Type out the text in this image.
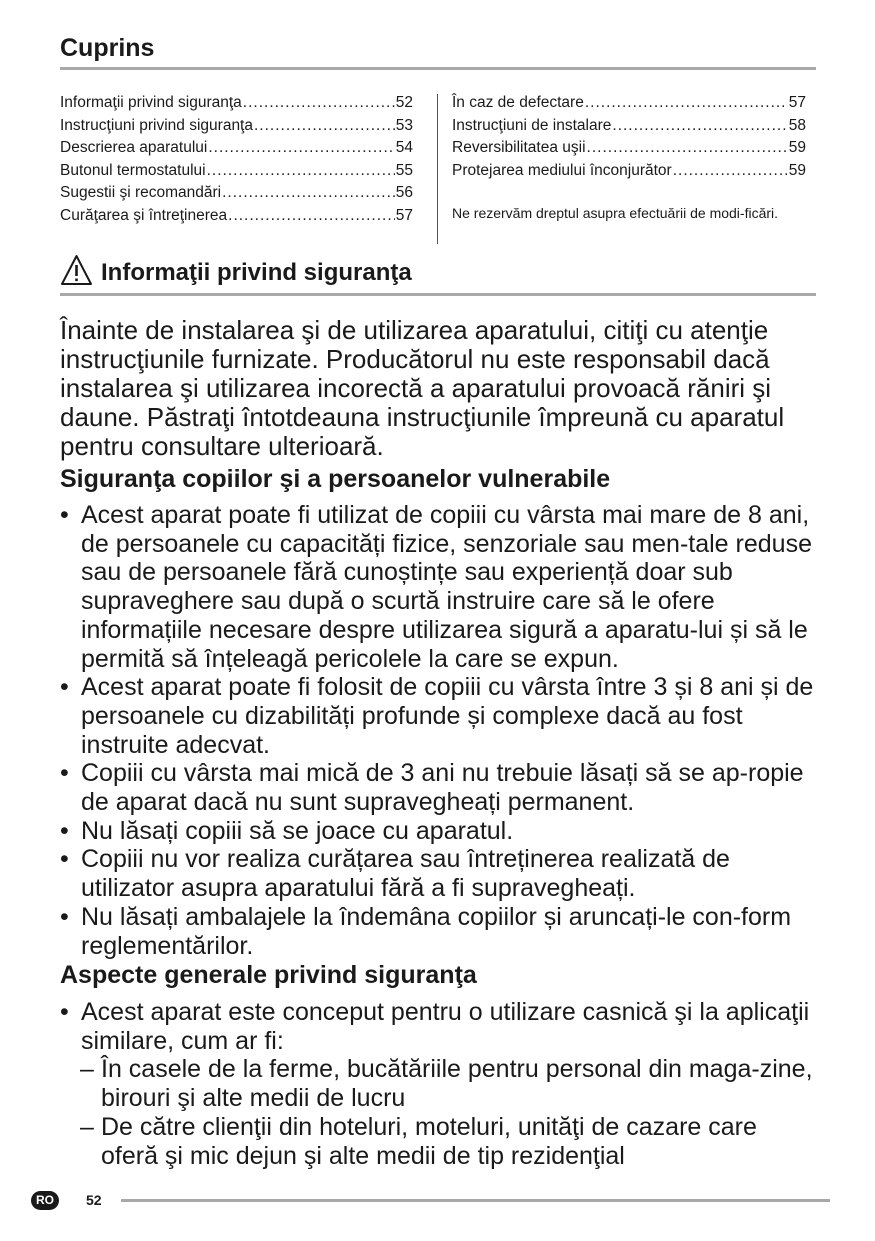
Cuprins
Informaţii privind siguranţa .....	52
Instrucţiuni privind siguranţa .....	53
Descrierea aparatului .....	54
Butonul termostatului .....	55
Sugestii şi recomandări .....	56
Curăţarea şi întreţinerea .....	57
În caz de defectare .....	57
Instrucţiuni de instalare .....	58
Reversibilitatea uşii .....	59
Protejarea mediului înconjurător .....	59
Ne rezervăm dreptul asupra efectuării de modi-ficări.
Informaţii privind siguranţa
Înainte de instalarea şi de utilizarea aparatului, citiţi cu atenţie instrucţiunile furnizate. Producătorul nu este responsabil dacă instalarea şi utilizarea incorectă a aparatului provoacă răniri şi daune. Păstraţi întotdeauna instrucţiunile împreună cu aparatul pentru consultare ulterioară.
Siguranţa copiilor şi a persoanelor vulnerabile
• Acest aparat poate fi utilizat de copiii cu vârsta mai mare de 8 ani, de persoanele cu capacități fizice, senzoriale sau men-tale reduse sau de persoanele fără cunoștințe sau experiență doar sub supraveghere sau după o scurtă instruire care să le ofere informațiile necesare despre utilizarea sigură a aparatu-lui și să le permită să înțeleagă pericolele la care se expun.
• Acest aparat poate fi folosit de copiii cu vârsta între 3 și 8 ani și de persoanele cu dizabilități profunde și complexe dacă au fost instruite adecvat.
• Copiii cu vârsta mai mică de 3 ani nu trebuie lăsați să se ap-ropie de aparat dacă nu sunt supravegheați permanent.
• Nu lăsați copiii să se joace cu aparatul.
• Copiii nu vor realiza curățarea sau întreținerea realizată de utilizator asupra aparatului fără a fi supravegheați.
• Nu lăsați ambalajele la îndemâna copiilor și aruncați-le con-form reglementărilor.
Aspecte generale privind siguranţa
• Acest aparat este conceput pentru o utilizare casnică şi la aplicaţii similare, cum ar fi:
– În casele de la ferme, bucătăriile pentru personal din maga-zine, birouri şi alte medii de lucru
– De către clienţii din hoteluri, moteluri, unităţi de cazare care oferă şi mic dejun şi alte medii de tip rezidenţial
RO	52
